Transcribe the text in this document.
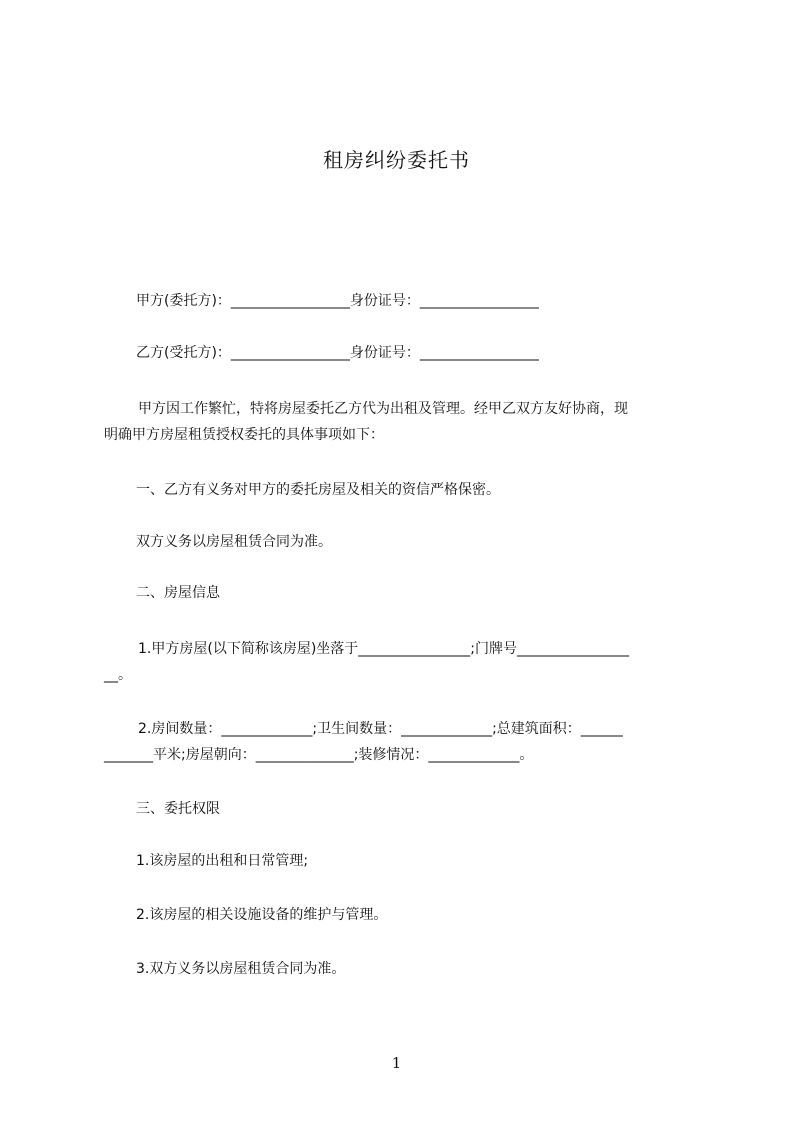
租房纠纷委托书
甲方(委托方)：_________________身份证号：_________________
乙方(受托方)：_________________身份证号：_________________
甲方因工作繁忙，特将房屋委托乙方代为出租及管理。经甲乙双方友好协商，现
明确甲方房屋租赁授权委托的具体事项如下：
一、乙方有义务对甲方的委托房屋及相关的资信严格保密。
双方义务以房屋租赁合同为准。
二、房屋信息
1.甲方房屋(以下简称该房屋)坐落于________________;门牌号________________
__。
2.房间数量：_____________;卫生间数量：_____________;总建筑面积：______
_______平米;房屋朝向：______________;装修情况：_____________。
三、委托权限
1.该房屋的出租和日常管理;
2.该房屋的相关设施设备的维护与管理。
3.双方义务以房屋租赁合同为准。
1
